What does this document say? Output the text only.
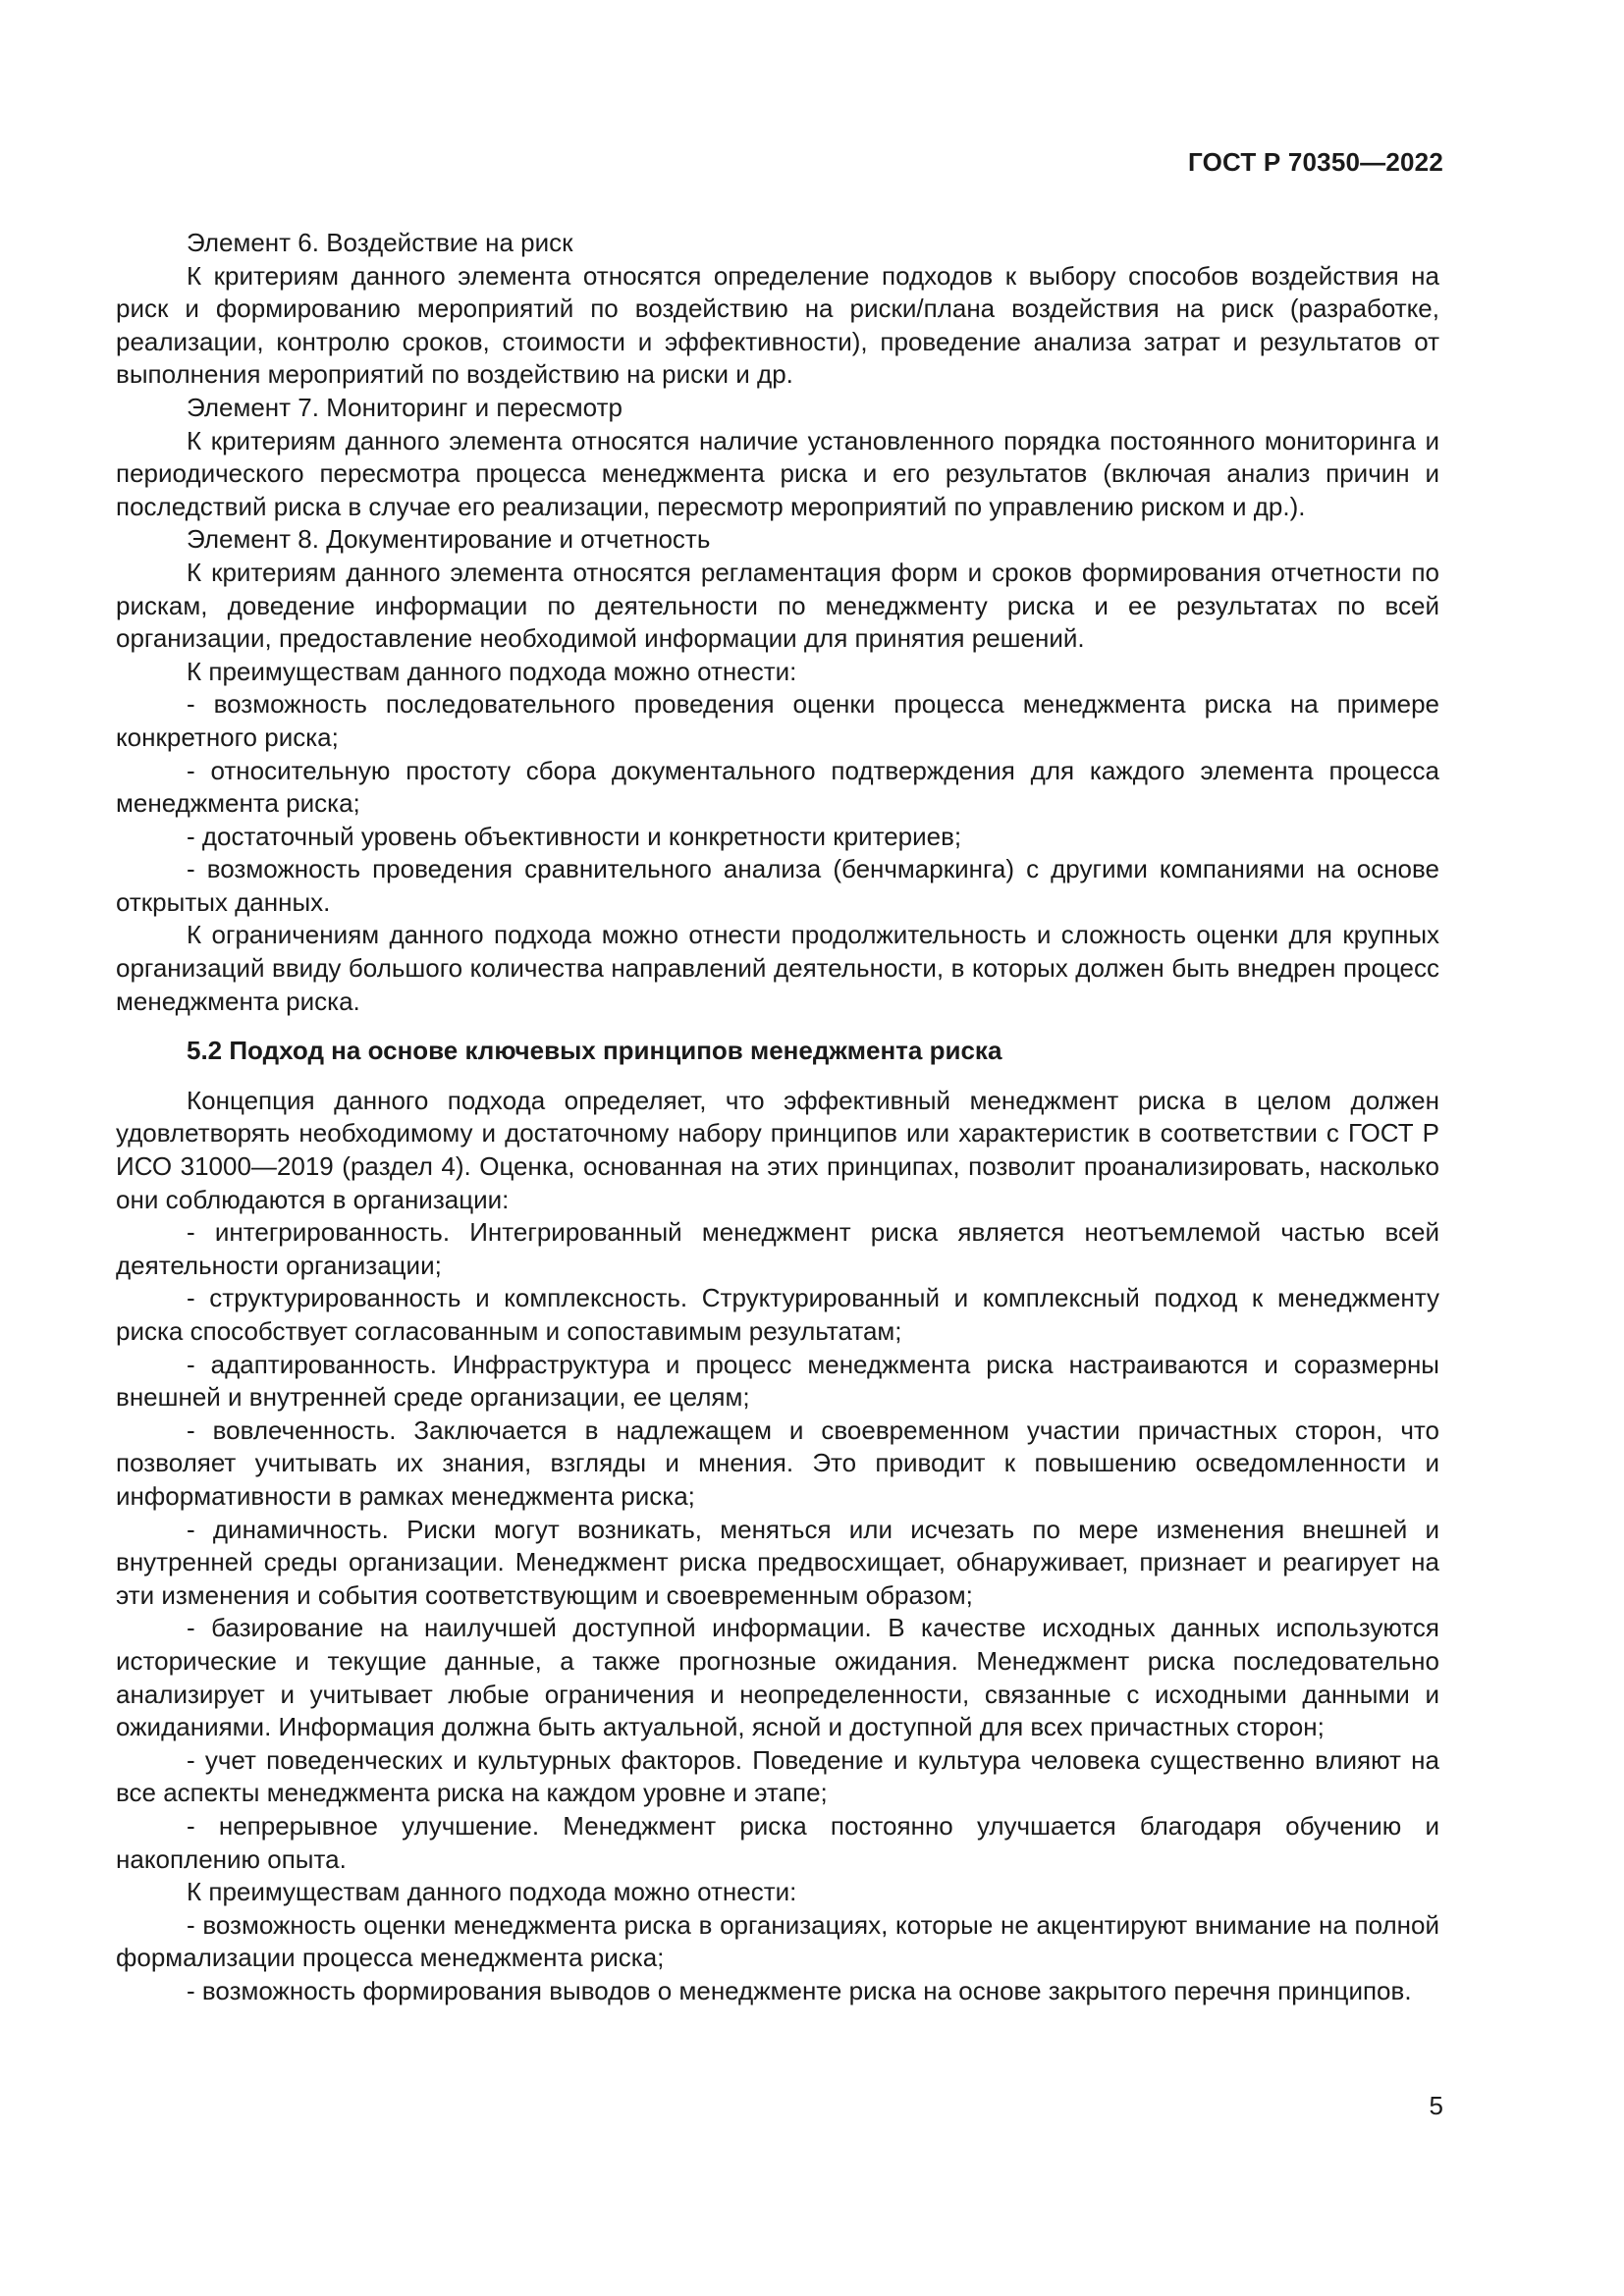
ГОСТ Р 70350—2022

Элемент 6. Воздействие на риск

К критериям данного элемента относятся определение подходов к выбору способов воздействия на риск и формированию мероприятий по воздействию на риски/плана воздействия на риск (разработке, реализации, контролю сроков, стоимости и эффективности), проведение анализа затрат и результатов от выполнения мероприятий по воздействию на риски и др.

Элемент 7. Мониторинг и пересмотр

К критериям данного элемента относятся наличие установленного порядка постоянного мониторинга и периодического пересмотра процесса менеджмента риска и его результатов (включая анализ причин и последствий риска в случае его реализации, пересмотр мероприятий по управлению риском и др.).

Элемент 8. Документирование и отчетность

К критериям данного элемента относятся регламентация форм и сроков формирования отчетности по рискам, доведение информации по деятельности по менеджменту риска и ее результатах по всей организации, предоставление необходимой информации для принятия решений.

К преимуществам данного подхода можно отнести:

- возможность последовательного проведения оценки процесса менеджмента риска на примере конкретного риска;

- относительную простоту сбора документального подтверждения для каждого элемента процесса менеджмента риска;

- достаточный уровень объективности и конкретности критериев;

- возможность проведения сравнительного анализа (бенчмаркинга) с другими компаниями на основе открытых данных.

К ограничениям данного подхода можно отнести продолжительность и сложность оценки для крупных организаций ввиду большого количества направлений деятельности, в которых должен быть внедрен процесс менеджмента риска.

5.2 Подход на основе ключевых принципов менеджмента риска

Концепция данного подхода определяет, что эффективный менеджмент риска в целом должен удовлетворять необходимому и достаточному набору принципов или характеристик в соответствии с ГОСТ Р ИСО 31000—2019 (раздел 4). Оценка, основанная на этих принципах, позволит проанализировать, насколько они соблюдаются в организации:

- интегрированность. Интегрированный менеджмент риска является неотъемлемой частью всей деятельности организации;

- структурированность и комплексность. Структурированный и комплексный подход к менеджменту риска способствует согласованным и сопоставимым результатам;

- адаптированность. Инфраструктура и процесс менеджмента риска настраиваются и соразмерны внешней и внутренней среде организации, ее целям;

- вовлеченность. Заключается в надлежащем и своевременном участии причастных сторон, что позволяет учитывать их знания, взгляды и мнения. Это приводит к повышению осведомленности и информативности в рамках менеджмента риска;

- динамичность. Риски могут возникать, меняться или исчезать по мере изменения внешней и внутренней среды организации. Менеджмент риска предвосхищает, обнаруживает, признает и реагирует на эти изменения и события соответствующим и своевременным образом;

- базирование на наилучшей доступной информации. В качестве исходных данных используются исторические и текущие данные, а также прогнозные ожидания. Менеджмент риска последовательно анализирует и учитывает любые ограничения и неопределенности, связанные с исходными данными и ожиданиями. Информация должна быть актуальной, ясной и доступной для всех причастных сторон;

- учет поведенческих и культурных факторов. Поведение и культура человека существенно влияют на все аспекты менеджмента риска на каждом уровне и этапе;

- непрерывное улучшение. Менеджмент риска постоянно улучшается благодаря обучению и накоплению опыта.

К преимуществам данного подхода можно отнести:

- возможность оценки менеджмента риска в организациях, которые не акцентируют внимание на полной формализации процесса менеджмента риска;

- возможность формирования выводов о менеджменте риска на основе закрытого перечня принципов.

5
